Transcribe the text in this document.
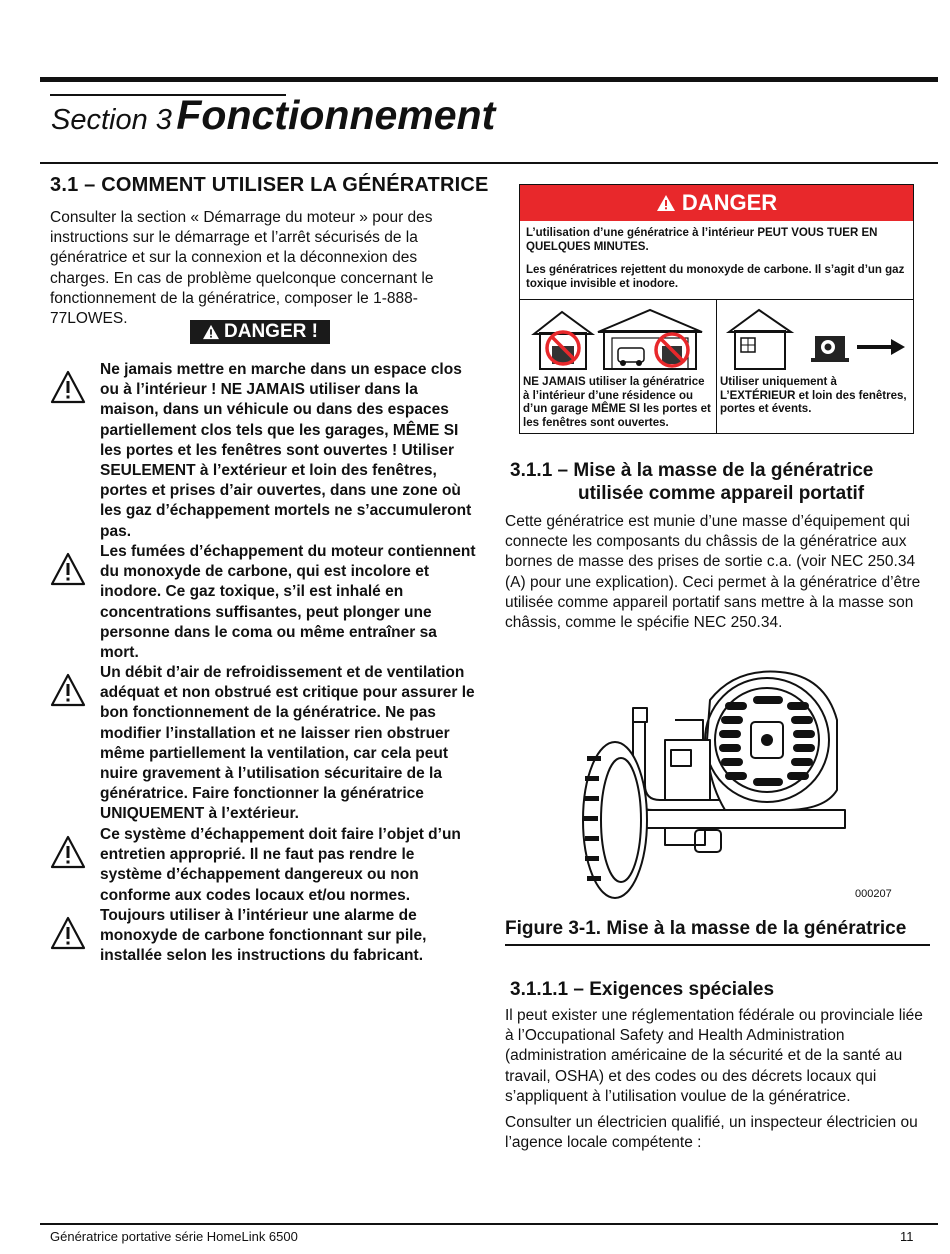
Section 3 Fonctionnement
3.1 – COMMENT UTILISER LA GÉNÉRATRICE
Consulter la section « Démarrage du moteur » pour des instructions sur le démarrage et l’arrêt sécurisés de la génératrice et sur la connexion et la déconnexion des charges. En cas de problème quelconque concernant le fonctionnement de la génératrice, composer le 1-888-77LOWES.
DANGER !
Ne jamais mettre en marche dans un espace clos ou à l’intérieur ! NE JAMAIS utiliser dans la maison, dans un véhicule ou dans des espaces partiellement clos tels que les garages, MÊME SI les portes et les fenêtres sont ouvertes ! Utiliser SEULEMENT à l’extérieur et loin des fenêtres, portes et prises d’air ouvertes, dans une zone où les gaz d’échappement mortels ne s’accumuleront pas.
Les fumées d’échappement du moteur contiennent du monoxyde de carbone, qui est incolore et inodore. Ce gaz toxique, s’il est inhalé en concentrations suffisantes, peut plonger une personne dans le coma ou même entraîner sa mort.
Un débit d’air de refroidissement et de ventilation adéquat et non obstrué est critique pour assurer le bon fonctionnement de la génératrice. Ne pas modifier l’installation et ne laisser rien obstruer même partiellement la ventilation, car cela peut nuire gravement à l’utilisation sécuritaire de la génératrice. Faire fonctionner la génératrice UNIQUEMENT à l’extérieur.
Ce système d’échappement doit faire l’objet d’un entretien approprié. Il ne faut pas rendre le système d’échappement dangereux ou non conforme aux codes locaux et/ou normes.
Toujours utiliser à l’intérieur une alarme de monoxyde de carbone fonctionnant sur pile, installée selon les instructions du fabricant.
DANGER

L’utilisation d’une génératrice à l’intérieur PEUT VOUS TUER EN QUELQUES MINUTES.

Les génératrices rejettent du monoxyde de carbone. Il s’agit d’un gaz toxique invisible et inodore.

NE JAMAIS utiliser la génératrice à l’intérieur d’une résidence ou d’un garage MÊME SI les portes et les fenêtres sont ouvertes.
Utiliser uniquement à L’EXTÉRIEUR et loin des fenêtres, portes et évents.
3.1.1 – Mise à la masse de la génératrice
utilisée comme appareil portatif
Cette génératrice est munie d’une masse d’équipement qui connecte les composants du châssis de la génératrice aux bornes de masse des prises de sortie c.a. (voir NEC 250.34 (A) pour une explication). Ceci permet à la génératrice d’être utilisée comme appareil portatif sans mettre à la masse son châssis, comme le spécifie NEC 250.34.
000207
Figure 3-1. Mise à la masse de la génératrice
3.1.1.1 – Exigences spéciales
Il peut exister une réglementation fédérale ou provinciale liée à l’Occupational Safety and Health Administration (administration américaine de la sécurité et de la santé au travail, OSHA) et des codes ou des décrets locaux qui s’appliquent à l’utilisation voulue de la génératrice.
Consulter un électricien qualifié, un inspecteur électricien ou l’agence locale compétente :
Génératrice portative série HomeLink 6500	11
